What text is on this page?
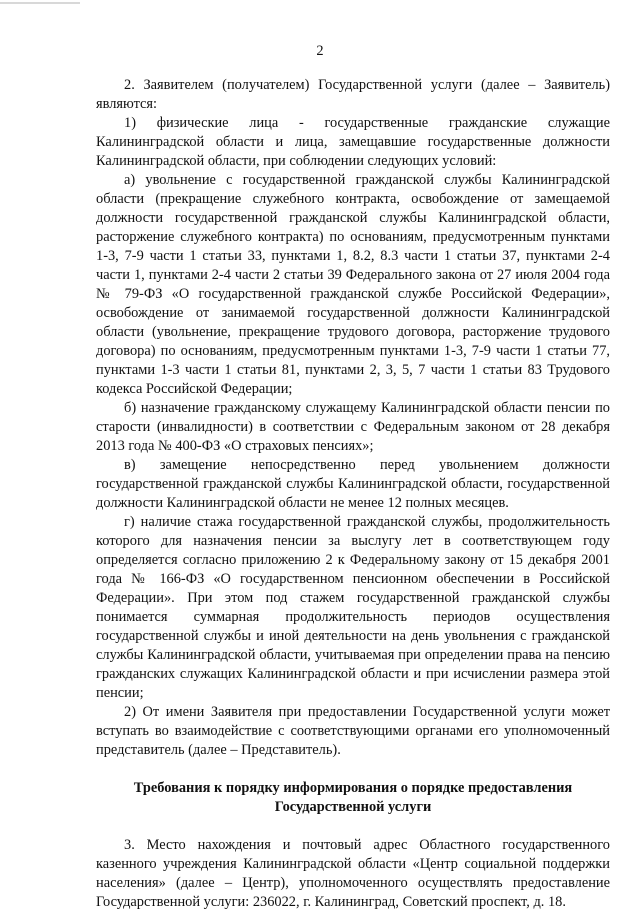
2

2. Заявителем (получателем) Государственной услуги (далее – Заявитель) являются:

1) физические лица - государственные гражданские служащие Калининградской области и лица, замещавшие государственные должности Калининградской области, при соблюдении следующих условий:

а) увольнение с государственной гражданской службы Калининградской области (прекращение служебного контракта, освобождение от замещаемой должности государственной гражданской службы Калининградской области, расторжение служебного контракта) по основаниям, предусмотренным пунктами 1-3, 7-9 части 1 статьи 33, пунктами 1, 8.2, 8.3 части 1 статьи 37, пунктами 2-4 части 1, пунктами 2-4 части 2 статьи 39 Федерального закона от 27 июля 2004 года № 79-ФЗ «О государственной гражданской службе Российской Федерации», освобождение от занимаемой государственной должности Калининградской области (увольнение, прекращение трудового договора, расторжение трудового договора) по основаниям, предусмотренным пунктами 1-3, 7-9 части 1 статьи 77, пунктами 1-3 части 1 статьи 81, пунктами 2, 3, 5, 7 части 1 статьи 83 Трудового кодекса Российской Федерации;

б) назначение гражданскому служащему Калининградской области пенсии по старости (инвалидности) в соответствии с Федеральным законом от 28 декабря 2013 года № 400-ФЗ «О страховых пенсиях»;

в) замещение непосредственно перед увольнением должности государственной гражданской службы Калининградской области, государственной должности Калининградской области не менее 12 полных месяцев.

г) наличие стажа государственной гражданской службы, продолжительность которого для назначения пенсии за выслугу лет в соответствующем году определяется согласно приложению 2 к Федеральному закону от 15 декабря 2001 года № 166-ФЗ «О государственном пенсионном обеспечении в Российской Федерации». При этом под стажем государственной гражданской службы понимается суммарная продолжительность периодов осуществления государственной службы и иной деятельности на день увольнения с гражданской службы Калининградской области, учитываемая при определении права на пенсию гражданских служащих Калининградской области и при исчислении размера этой пенсии;

2) От имени Заявителя при предоставлении Государственной услуги может вступать во взаимодействие с соответствующими органами его уполномоченный представитель (далее – Представитель).

Требования к порядку информирования о порядке предоставления

Государственной услуги

3. Место нахождения и почтовый адрес Областного государственного казенного учреждения Калининградской области «Центр социальной поддержки населения» (далее – Центр), уполномоченного осуществлять предоставление Государственной услуги: 236022, г. Калининград, Советский проспект, д. 18.
